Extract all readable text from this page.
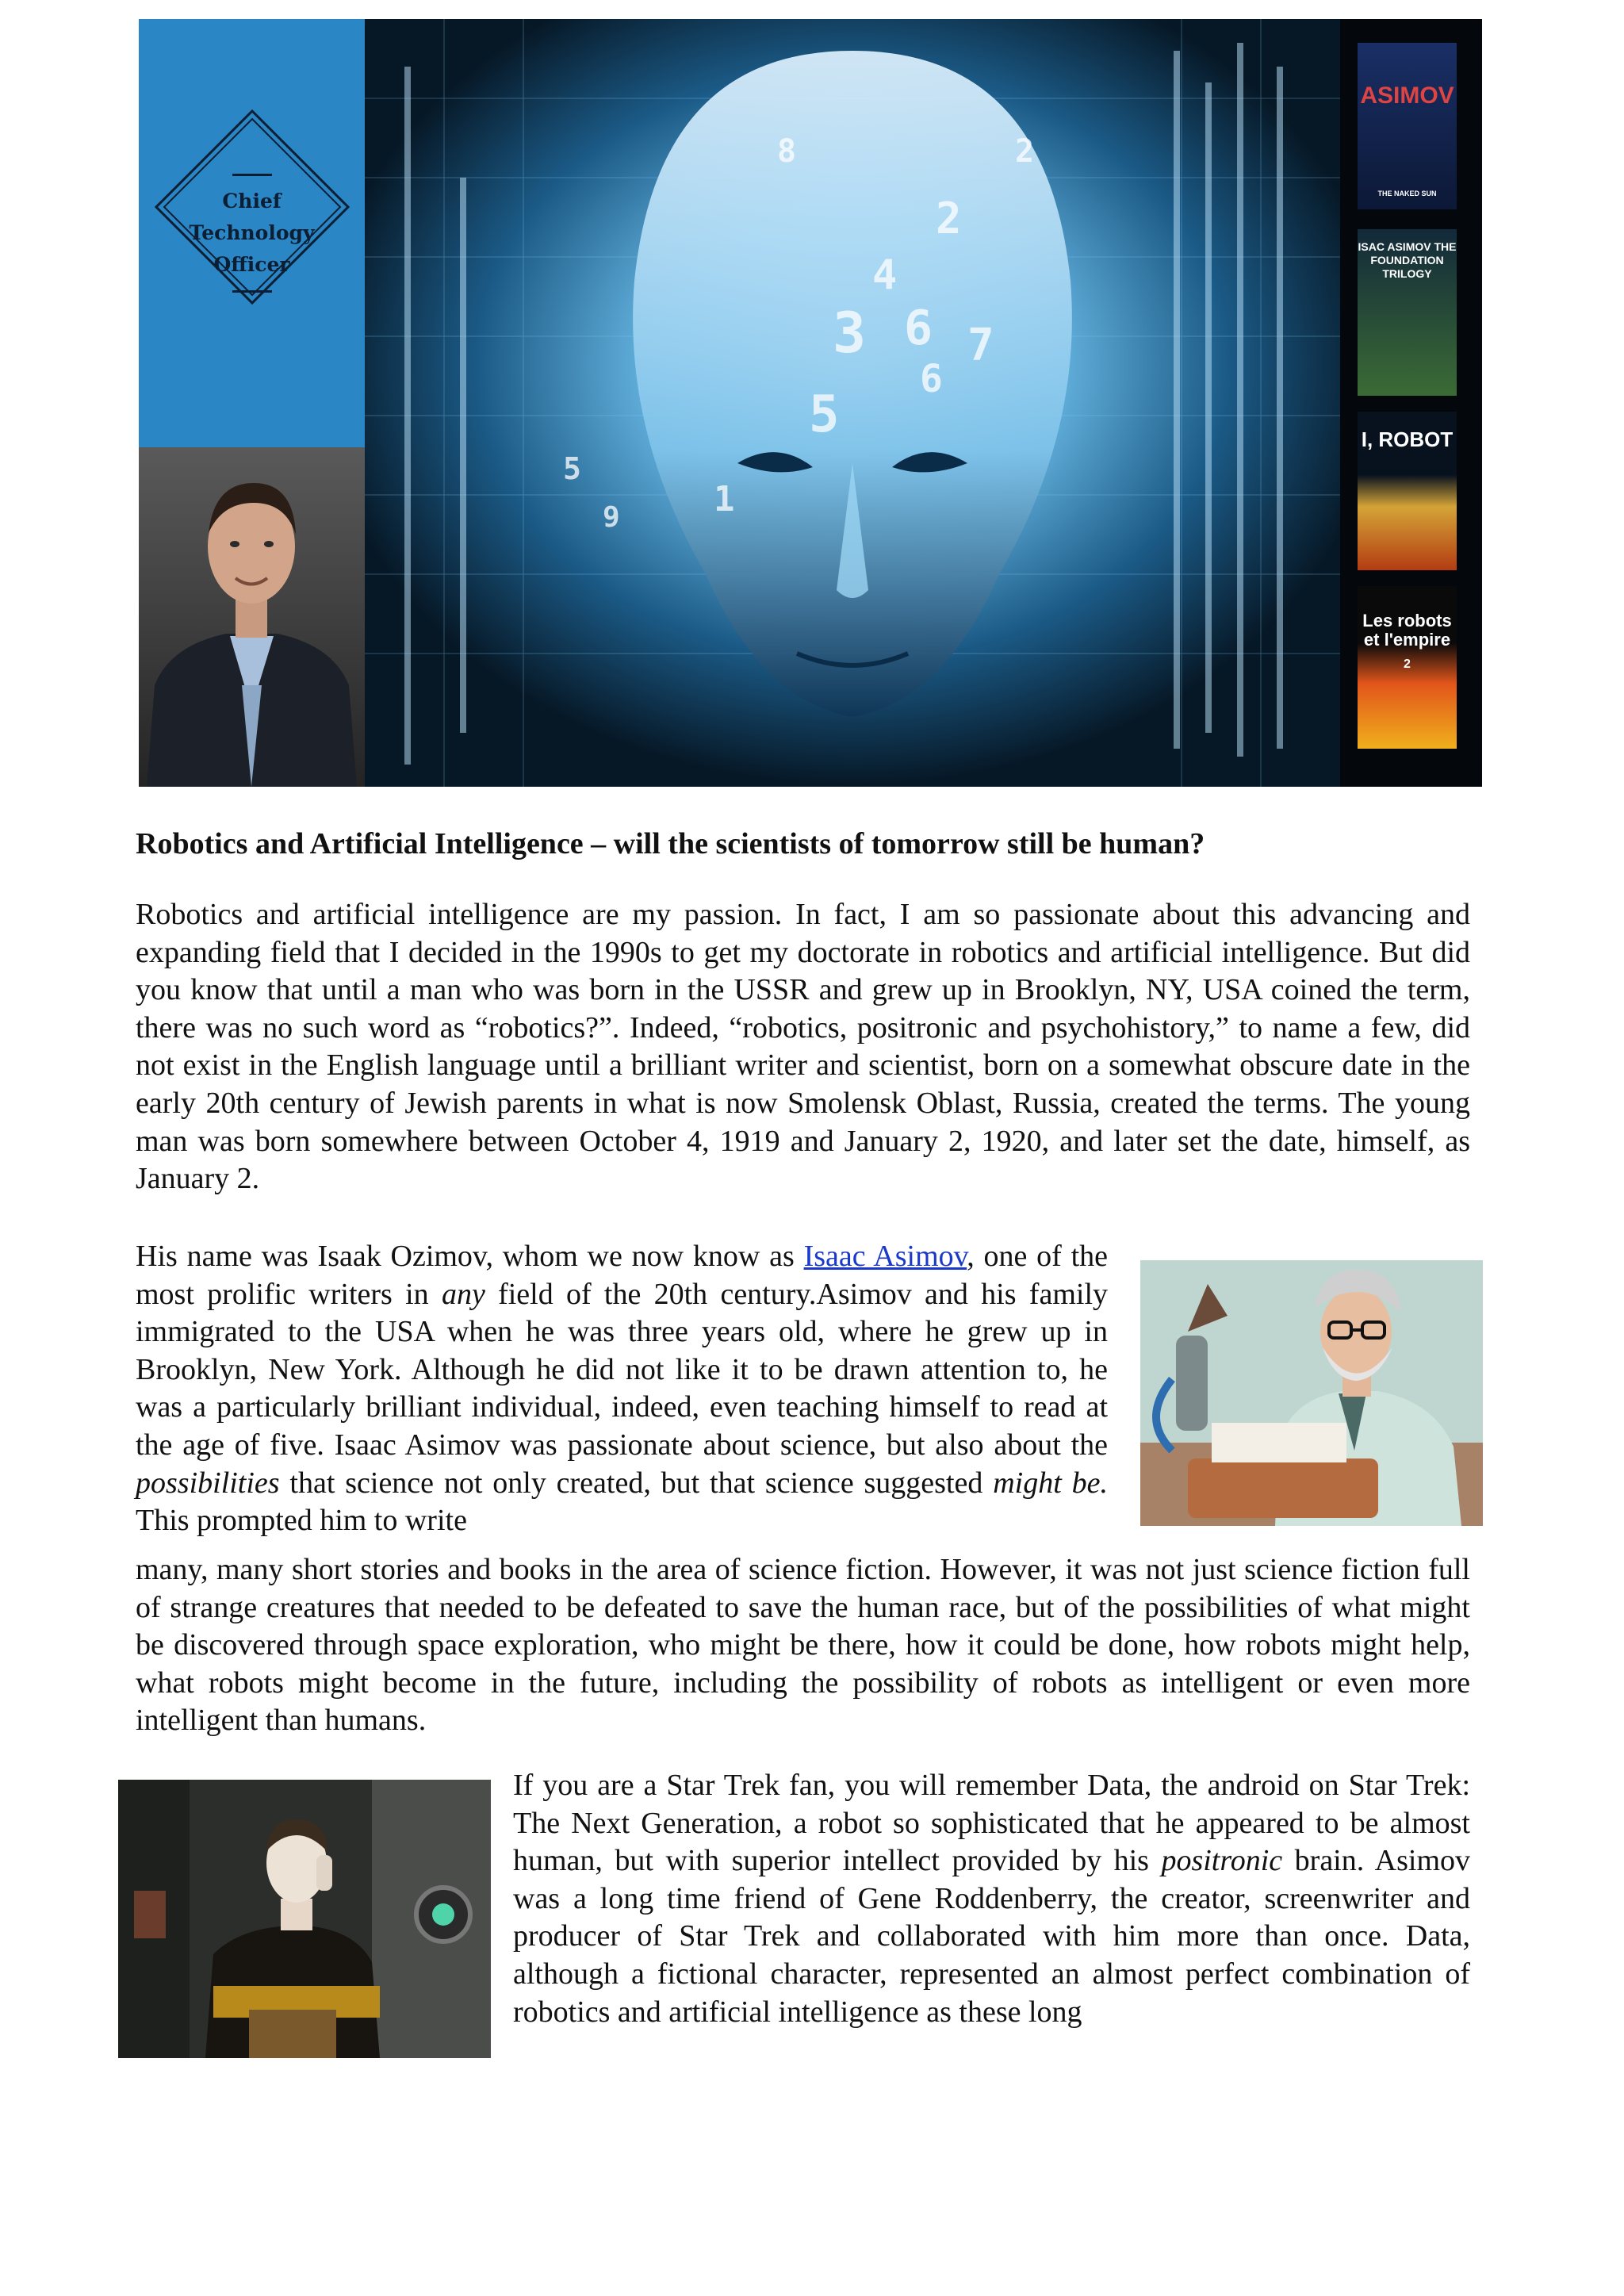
Chief
Technology
Officer
3 6
5
2
4
8
1
9
7
6
5
2
ASIMOV
THE NAKED SUN
ISAC ASIMOV THE FOUNDATION TRILOGY
I, ROBOT
Les robots et l'empire
2
Robotics and Artificial Intelligence – will the scientists of tomorrow still be human?

Robotics and artificial intelligence are my passion. In fact, I am so passionate about this advancing and expanding field that I decided in the 1990s to get my doctorate in robotics and artificial intelligence. But did you know that until a man who was born in the USSR and grew up in Brooklyn, NY, USA coined the term, there was no such word as “robotics?”. Indeed, “robotics, positronic and psychohistory,” to name a few, did not exist in the English language until a brilliant writer and scientist, born on a somewhat obscure date in the early 20th century of Jewish parents in what is now Smolensk Oblast, Russia, created the terms. The young man was born somewhere between October 4, 1919 and January 2, 1920, and later set the date, himself, as January 2.

His name was Isaak Ozimov, whom we now know as Isaac Asimov, one of the most prolific writers in any field of the 20th century.Asimov and his family immigrated to the USA when he was three years old, where he grew up in Brooklyn, New York. Although he did not like it to be drawn attention to, he was a particularly brilliant individual, indeed, even teaching himself to read at the age of five. Isaac Asimov was passionate about science, but also about the possibilities that science not only created, but that science suggested might be. This prompted him to write

many, many short stories and books in the area of science fiction. However, it was not just science fiction full of strange creatures that needed to be defeated to save the human race, but of the possibilities of what might be discovered through space exploration, who might be there, how it could be done, how robots might help, what robots might become in the future, including the possibility of robots as intelligent or even more intelligent than humans.

If you are a Star Trek fan, you will remember Data, the android on Star Trek: The Next Generation, a robot so sophisticated that he appeared to be almost human, but with superior intellect provided by his positronic brain. Asimov was a long time friend of Gene Roddenberry, the creator, screenwriter and producer of Star Trek and collaborated with him more than once. Data, although a fictional character, represented an almost perfect combination of robotics and artificial intelligence as these long
